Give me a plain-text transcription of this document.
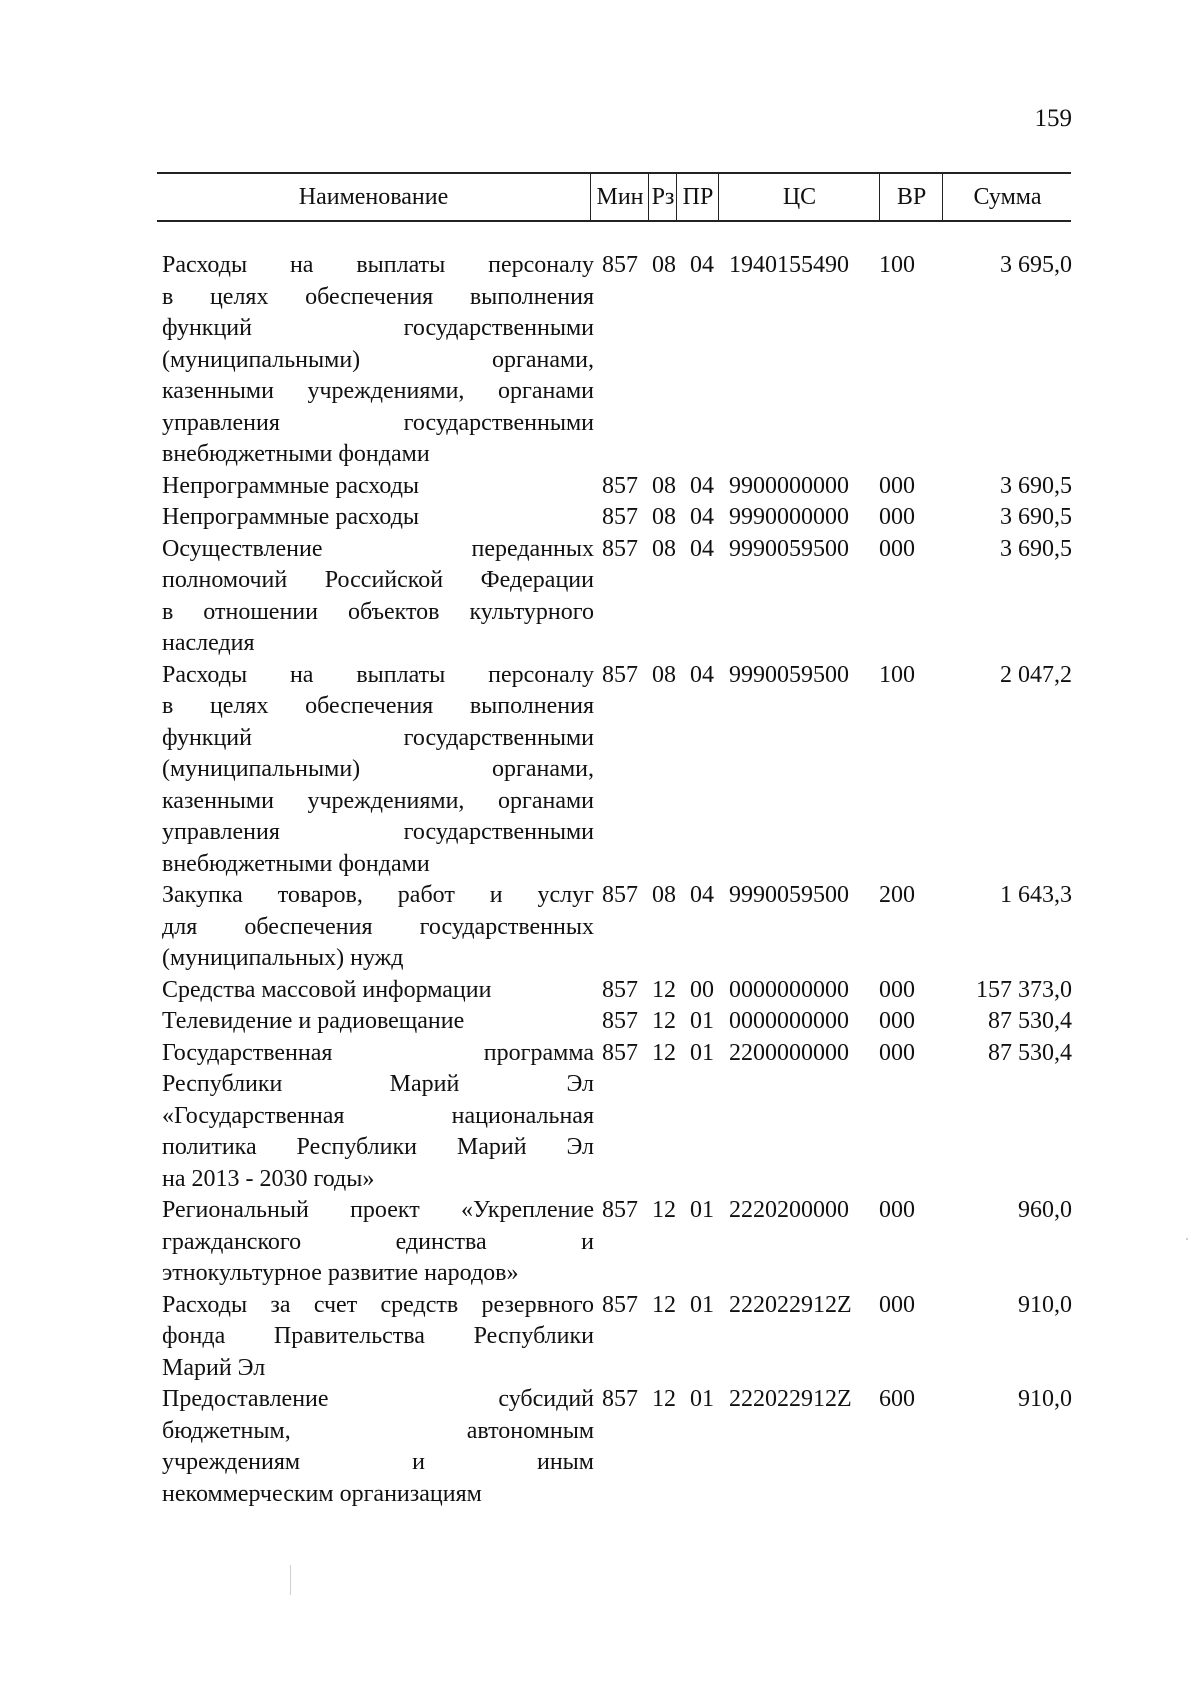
159
Наименование	Мин Рз ПР	ЦС	ВР	Сумма
Расходы на выплаты персоналу
в целях обеспечения выполнения
функций государственными
(муниципальными) органами,
казенными учреждениями, органами
управления государственными
внебюджетными фондами
857 08 04 1940155490	100	3 695,0
Непрограммные расходы	857 08 04 9900000000	000	3 690,5
Непрограммные расходы	857 08 04 9990000000	000	3 690,5
Осуществление переданных
полномочий Российской Федерации
в отношении объектов культурного
наследия
857 08 04 9990059500	000	3 690,5
Расходы на выплаты персоналу
в целях обеспечения выполнения
функций государственными
(муниципальными) органами,
казенными учреждениями, органами
управления государственными
внебюджетными фондами
857 08 04 9990059500	100	2 047,2
Закупка товаров, работ и услуг
для обеспечения государственных
(муниципальных) нужд
857 08 04 9990059500	200	1 643,3
Средства массовой информации	857 12 00 0000000000	000	157 373,0
Телевидение и радиовещание	857 12 01 0000000000	000	87 530,4
Государственная программа
Республики Марий Эл
«Государственная национальная
политика Республики Марий Эл
на 2013 - 2030 годы»
857 12 01 2200000000	000	87 530,4
Региональный проект «Укрепление
гражданского единства и
этнокультурное развитие народов»
857 12 01 2220200000	000	960,0
Расходы за счет средств резервного
фонда Правительства Республики
Марий Эл
857 12 01 222022912Z	000	910,0
Предоставление субсидий
бюджетным, автономным
учреждениям и иным
некоммерческим организациям
857 12 01 222022912Z	600	910,0
